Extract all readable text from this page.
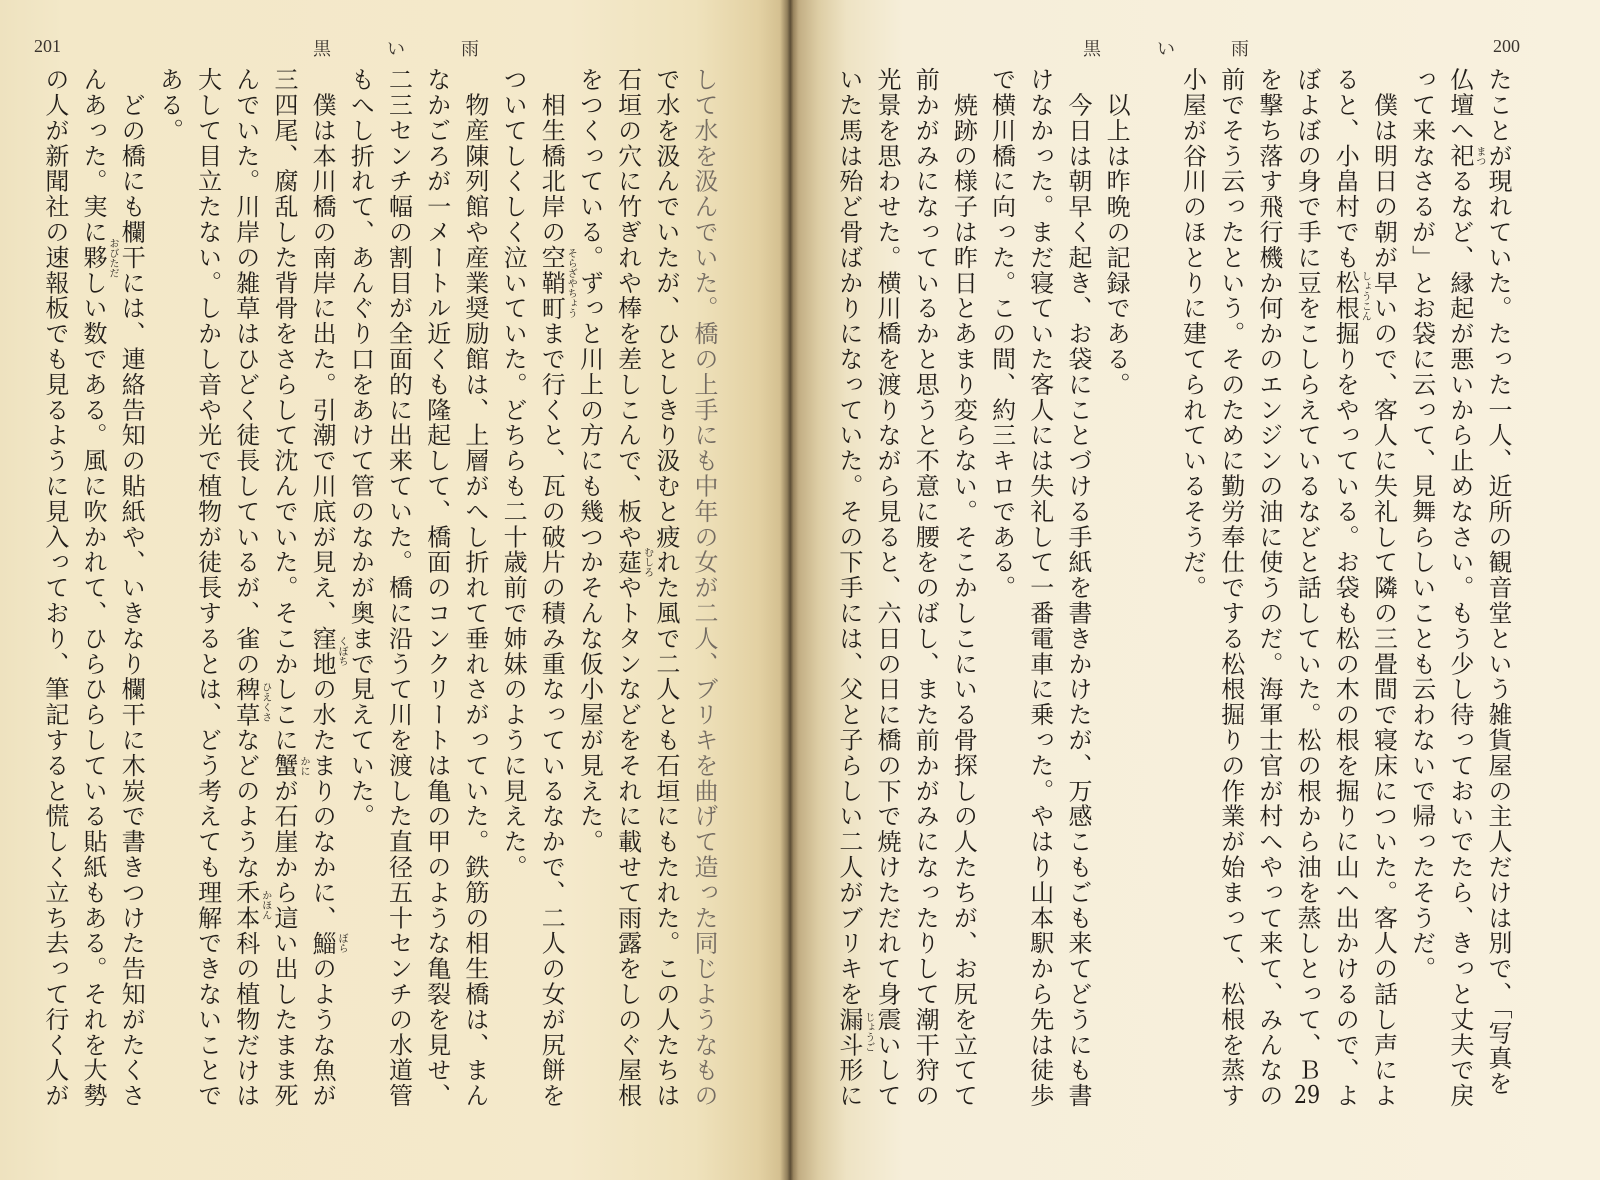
201	黒い雨
して水を汲んでいた。橋の上手にも中年の女が二人、ブリキを曲げて造った同じようなもの
で水を汲んでいたが、ひとしきり汲むと疲れた風で二人とも石垣にもたれた。この人たちは
石垣の穴に竹ぎれや棒を差しこんで、板や莚 むしろ
やトタンなどをそれに載せて雨露をしのぐ屋根
をつくっている。ずっと川上の方にも幾つかそんな仮小屋が見えた。
　相生橋北岸の空鞘町 そらざやちょう
まで行くと、瓦の破片の積み重なっているなかで、二人の女が尻餅を
ついてしくしく泣いていた。どちらも二十歳前で姉妹のように見えた。
　物産陳列館や産業奨励館は、上層がへし折れて垂れさがっていた。鉄筋の相生橋は、まん
なかごろが一メートル近くも隆起して、橋面のコンクリートは亀の甲のような亀裂を見せ、
二三センチ幅の割目が全面的に出来ていた。橋に沿うて川を渡した直径五十センチの水道管
もへし折れて、あんぐり口をあけて管のなかが奥まで見えていた。
　僕は本川橋の南岸に出た。引潮で川底が見え、窪地 くぼち
の水たまりのなかに、鯔 ぼら
のような魚が
三四尾、腐乱した背骨をさらして沈んでいた。そこかしこに蟹 かに
が石崖から這い出したまま死
んでいた。川岸の雑草はひどく徒長しているが、雀の稗草 ひえくさ
などのような禾本 かほん
科の植物だけは
大して目立たない。しかし音や光で植物が徒長するとは、どう考えても理解できないことで
ある。
　どの橋にも欄干には、連絡告知の貼紙や、いきなり欄干に木炭で書きつけた告知がたくさ
んあった。実に夥 おびただ
しい数である。風に吹かれて、ひらひらしている貼紙もある。それを大勢
の人が新聞社の速報板でも見るように見入っており、筆記すると慌しく立ち去って行く人が
黒い雨	200
たことが現れていた。たった一人、近所の観音堂という雑貨屋の主人だけは別で、「写真を
仏壇へ祀 まつ
るなど、縁起が悪いから止めなさい。もう少し待っておいでたら、きっと丈夫で戻
って来なさるが」とお袋に云って、見舞らしいことも云わないで帰ったそうだ。
　僕は明日の朝が早いので、客人に失礼して隣の三畳間で寝床についた。客人の話し声によ
ると、小畠村でも松根 しょうこん
掘りをやっている。お袋も松の木の根を掘りに山へ出かけるので、よ
ぼよぼの身で手に豆をこしらえているなどと話していた。松の根から油を蒸しとって、Ｂ29
を撃ち落す飛行機か何かのエンジンの油に使うのだ。海軍士官が村へやって来て、みんなの
前でそう云ったという。そのために勤労奉仕でする松根掘りの作業が始まって、松根を蒸す
小屋が谷川のほとりに建てられているそうだ。
　以上は昨晩の記録である。
　今日は朝早く起き、お袋にことづける手紙を書きかけたが、万感こもごも来てどうにも書
けなかった。まだ寝ていた客人には失礼して一番電車に乗った。やはり山本駅から先は徒歩
で横川橋に向った。この間、約三キロである。
　焼跡の様子は昨日とあまり変らない。そこかしこにいる骨探しの人たちが、お尻を立てて
前かがみになっているかと思うと不意に腰をのばし、また前かがみになったりして潮干狩の
光景を思わせた。横川橋を渡りながら見ると、六日の日に橋の下で焼けただれて身震いして
いた馬は殆ど骨ばかりになっていた。その下手には、父と子らしい二人がブリキを漏斗 じょうご
形に
